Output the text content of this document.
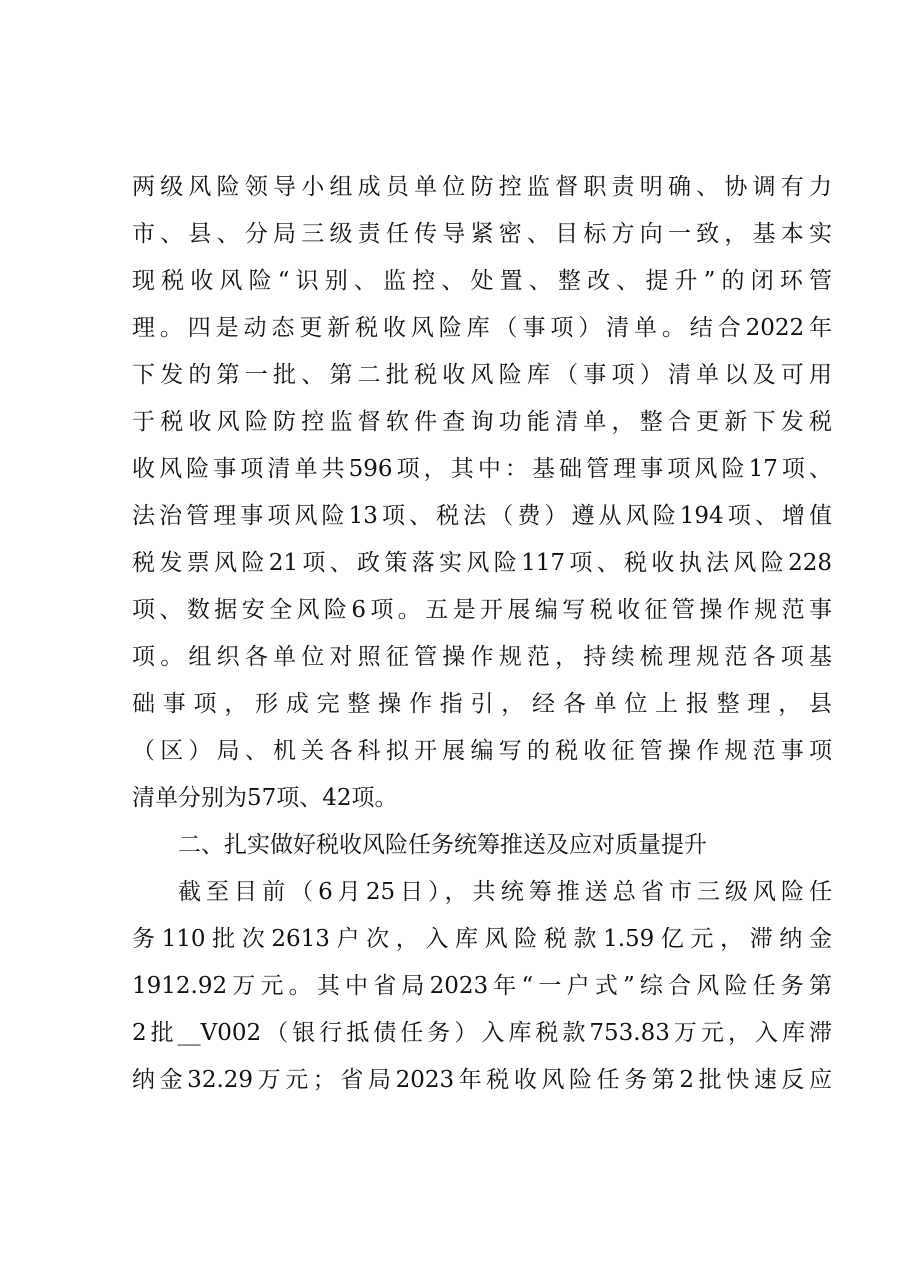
两级风险领导小组成员单位防控监督职责明确、协调有力
市、县、分局三级责任传导紧密、目标方向一致，基本实
现税收风险“识别、监控、处置、整改、提升”的闭环管
理。四是动态更新税收风险库（事项）清单。结合2022年
下发的第一批、第二批税收风险库（事项）清单以及可用
于税收风险防控监督软件查询功能清单，整合更新下发税
收风险事项清单共596项，其中：基础管理事项风险17项、
法治管理事项风险13项、税法（费）遵从风险194项、增值
税发票风险21项、政策落实风险117项、税收执法风险228
项、数据安全风险6项。五是开展编写税收征管操作规范事
项。组织各单位对照征管操作规范，持续梳理规范各项基
础事项，形成完整操作指引，经各单位上报整理，县
（区）局、机关各科拟开展编写的税收征管操作规范事项
清单分别为57项、42项。
二、扎实做好税收风险任务统筹推送及应对质量提升
截至目前（6月25日），共统筹推送总省市三级风险任
务110批次2613户次，入库风险税款1.59亿元，滞纳金
1912.92万元。其中省局2023年“一户式”综合风险任务第
2批__V002（银行抵债任务）入库税款753.83万元，入库滞
纳金32.29万元；省局2023年税收风险任务第2批快速反应
